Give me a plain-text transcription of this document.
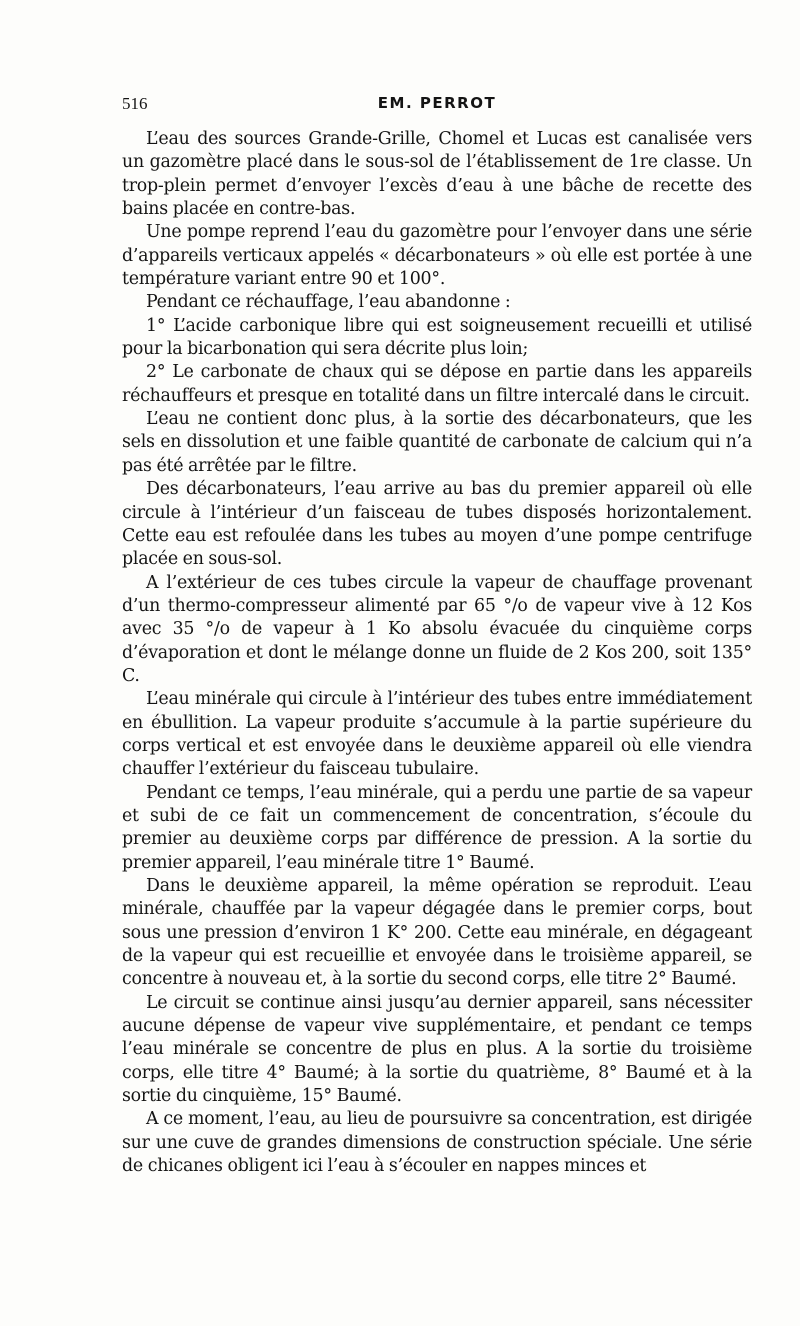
516	EM. PERROT

L’eau des sources Grande-Grille, Chomel et Lucas est canalisée vers un gazomètre placé dans le sous-sol de l’établissement de 1re classe. Un trop-plein permet d’envoyer l’excès d’eau à une bâche de recette des bains placée en contre-bas.

Une pompe reprend l’eau du gazomètre pour l’envoyer dans une série d’appareils verticaux appelés « décarbonateurs » où elle est portée à une température variant entre 90 et 100°.

Pendant ce réchauffage, l’eau abandonne :

1° L’acide carbonique libre qui est soigneusement recueilli et utilisé pour la bicarbonation qui sera décrite plus loin;

2° Le carbonate de chaux qui se dépose en partie dans les appareils réchauffeurs et presque en totalité dans un filtre intercalé dans le circuit.

L’eau ne contient donc plus, à la sortie des décarbonateurs, que les sels en dissolution et une faible quantité de carbonate de calcium qui n’a pas été arrêtée par le filtre.

Des décarbonateurs, l’eau arrive au bas du premier appareil où elle circule à l’intérieur d’un faisceau de tubes disposés horizontalement. Cette eau est refoulée dans les tubes au moyen d’une pompe centrifuge placée en sous-sol.

A l’extérieur de ces tubes circule la vapeur de chauffage provenant d’un thermo-compresseur alimenté par 65 °/o de vapeur vive à 12 Kos avec 35 °/o de vapeur à 1 Ko absolu évacuée du cinquième corps d’évaporation et dont le mélange donne un fluide de 2 Kos 200, soit 135° C.

L’eau minérale qui circule à l’intérieur des tubes entre immédiatement en ébullition. La vapeur produite s’accumule à la partie supérieure du corps vertical et est envoyée dans le deuxième appareil où elle viendra chauffer l’extérieur du faisceau tubulaire.

Pendant ce temps, l’eau minérale, qui a perdu une partie de sa vapeur et subi de ce fait un commencement de concentration, s’écoule du premier au deuxième corps par différence de pression. A la sortie du premier appareil, l’eau minérale titre 1° Baumé.

Dans le deuxième appareil, la même opération se reproduit. L’eau minérale, chauffée par la vapeur dégagée dans le premier corps, bout sous une pression d’environ 1 K° 200. Cette eau minérale, en dégageant de la vapeur qui est recueillie et envoyée dans le troisième appareil, se concentre à nouveau et, à la sortie du second corps, elle titre 2° Baumé.

Le circuit se continue ainsi jusqu’au dernier appareil, sans nécessiter aucune dépense de vapeur vive supplémentaire, et pendant ce temps l’eau minérale se concentre de plus en plus. A la sortie du troisième corps, elle titre 4° Baumé; à la sortie du quatrième, 8° Baumé et à la sortie du cinquième, 15° Baumé.

A ce moment, l’eau, au lieu de poursuivre sa concentration, est dirigée sur une cuve de grandes dimensions de construction spéciale. Une série de chicanes obligent ici l’eau à s’écouler en nappes minces et
